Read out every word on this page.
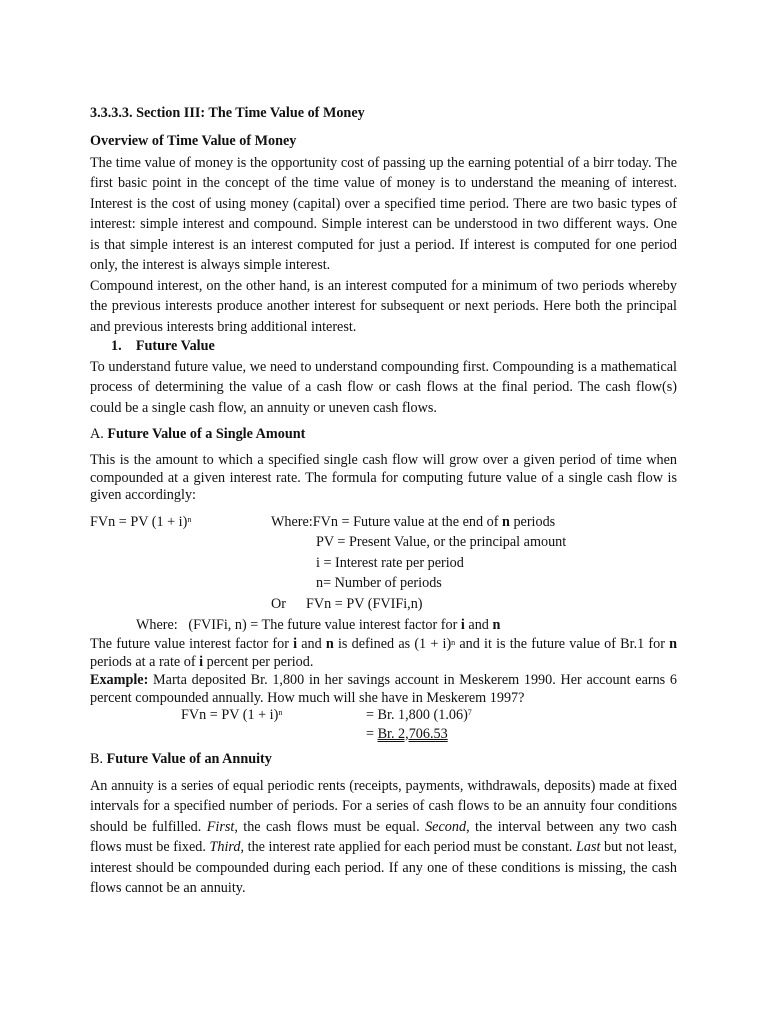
3.3.3.3. Section III: The Time Value of Money
Overview of Time Value of Money
The time value of money is the opportunity cost of passing up the earning potential of a birr today. The first basic point in the concept of the time value of money is to understand the meaning of interest. Interest is the cost of using money (capital) over a specified time period. There are two basic types of interest: simple interest and compound. Simple interest can be understood in two different ways. One is that simple interest is an interest computed for just a period. If interest is computed for one period only, the interest is always simple interest.
Compound interest, on the other hand, is an interest computed for a minimum of two periods whereby the previous interests produce another interest for subsequent or next periods. Here both the principal and previous interests bring additional interest.
1. Future Value
To understand future value, we need to understand compounding first. Compounding is a mathematical process of determining the value of a cash flow or cash flows at the final period. The cash flow(s) could be a single cash flow, an annuity or uneven cash flows.
A. Future Value of a Single Amount
This is the amount to which a specified single cash flow will grow over a given period of time when compounded at a given interest rate. The formula for computing future value of a single cash flow is given accordingly:
FVn = PV $(1 + i)^n$	Where:FVn = Future value at the end of n periods
PV = Present Value, or the principal amount
i = Interest rate per period
n= Number of periods
Or FVn = PV (FVIFi,n)
Where: (FVIFi, n) = The future value interest factor for i and n
The future value interest factor for i and n is defined as $(1 + i)^n$ and it is the future value of Br.1 for n periods at a rate of i percent per period.
Example: Marta deposited Br. 1,800 in her savings account in Meskerem 1990. Her account earns 6 percent compounded annually. How much will she have in Meskerem 1997?
FVn = PV $(1 + i)^n$	= Br. 1,800 $(1.06)^7$
= Br. 2,706.53
B. Future Value of an Annuity
An annuity is a series of equal periodic rents (receipts, payments, withdrawals, deposits) made at fixed intervals for a specified number of periods. For a series of cash flows to be an annuity four conditions should be fulfilled. First, the cash flows must be equal. Second, the interval between any two cash flows must be fixed. Third, the interest rate applied for each period must be constant. Last but not least, interest should be compounded during each period. If any one of these conditions is missing, the cash flows cannot be an annuity.
